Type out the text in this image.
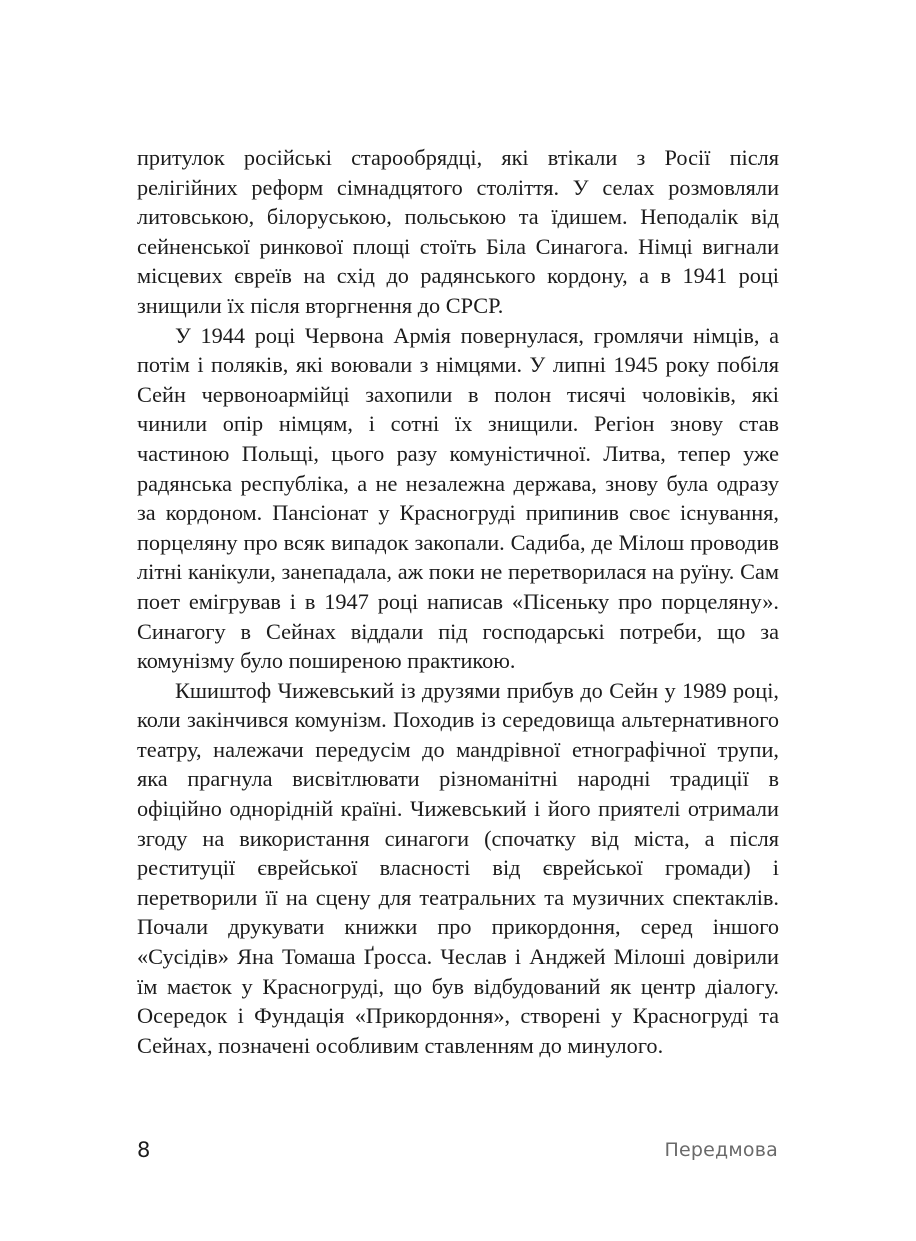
притулок російські старообрядці, які втікали з Росії після релігійних реформ сімнадцятого століття. У селах розмовляли литовською, білоруською, польською та їдишем. Неподалік від сейненської ринкової площі стоїть Біла Синагога. Німці вигнали місцевих євреїв на схід до радянського кордону, а в 1941 році знищили їх після вторгнення до СРСР.

У 1944 році Червона Армія повернулася, громлячи німців, а потім і поляків, які воювали з німцями. У липні 1945 року побіля Сейн червоноармійці захопили в полон тисячі чоловіків, які чинили опір німцям, і сотні їх знищили. Регіон знову став частиною Польщі, цього разу комуністичної. Литва, тепер уже радянська республіка, а не незалежна держава, знову була одразу за кордоном. Пансіонат у Красногруді припинив своє існування, порцеляну про всяк випадок закопали. Садиба, де Мілош проводив літні канікули, занепадала, аж поки не перетворилася на руїну. Сам поет емігрував і в 1947 році написав «Пісеньку про порцеляну». Синагогу в Сейнах віддали під господарські потреби, що за комунізму було поширеною практикою.

Кшиштоф Чижевський із друзями прибув до Сейн у 1989 році, коли закінчився комунізм. Походив із середовища альтернативного театру, належачи передусім до мандрівної етнографічної трупи, яка прагнула висвітлювати різноманітні народні традиції в офіційно однорідній країні. Чижевський і його приятелі отримали згоду на використання синагоги (спочатку від міста, а після реституції єврейської власності від єврейської громади) і перетворили її на сцену для театральних та музичних спектаклів. Почали друкувати книжки про прикордоння, серед іншого «Сусідів» Яна Томаша Ґросса. Чеслав і Анджей Мілоші довірили їм маєток у Красногруді, що був відбудований як центр діалогу. Осередок і Фундація «Прикордоння», створені у Красногруді та Сейнах, позначені особливим ставленням до минулого.

8	Передмова
